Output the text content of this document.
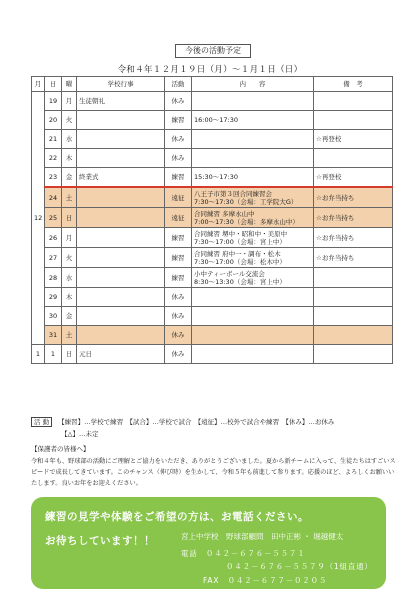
今後の活動予定
令和４年１２月１９日（月）～１月１日（日）
月	日	曜	学校行事	活動	内　　容	備　考
12	19	月	生徒朝礼	休み		
	20	火		練習	16:00～17:30	
	21	水		休み		☆再登校
	22	木		休み		
	23	金	終業式	練習	15:30～17:30	☆再登校
	24	土		遠征	八王子市第３回合同練習会
7:30～17:30（会場：工学院大G）	☆お弁当持ち
	25	日		遠征	合同練習 多摩永山中
7:00～17:30（会場：多摩永山中）	☆お弁当持ち
	26	月		練習	合同練習 堺中・昭和中・美原中
7:30～17:00（会場：宮上中）	☆お弁当持ち
	27	火		練習	合同練習 府中一・調布・松木
7:30～17:00（会場：松木中）	☆お弁当持ち
	28	水		練習	小中ティーボール交流会
8:30～13:30（会場：宮上中）	
	29	木		休み		
	30	金		休み		
	31	土		休み		
1	1	日	元日	休み		
活 動 【練習】…学校で練習　【試合】…学校で試合　【遠征】…校外で試合や練習　【休み】…お休み
【△】…未定
【保護者の皆様へ】
令和４年も、野球部の活動にご理解とご協力をいただき、ありがとうございました。夏から新チームに入って、生徒たちはすごいスピードで成長してきています。このチャンス（伸び時）を生かして、令和５年も前進して参ります。応援のほど、よろしくお願いいたします。良いお年をお迎えください。
練習の見学や体験をご希望の方は、お電話ください。
お待ちしています！！	宮上中学校　野球部顧問　田中正彬 ・ 堀越健太
電話　０４２－６７６－５５７１
０４２－６７６－５５７９（1組直通）
FAX　０４２－６７７－０２０５
